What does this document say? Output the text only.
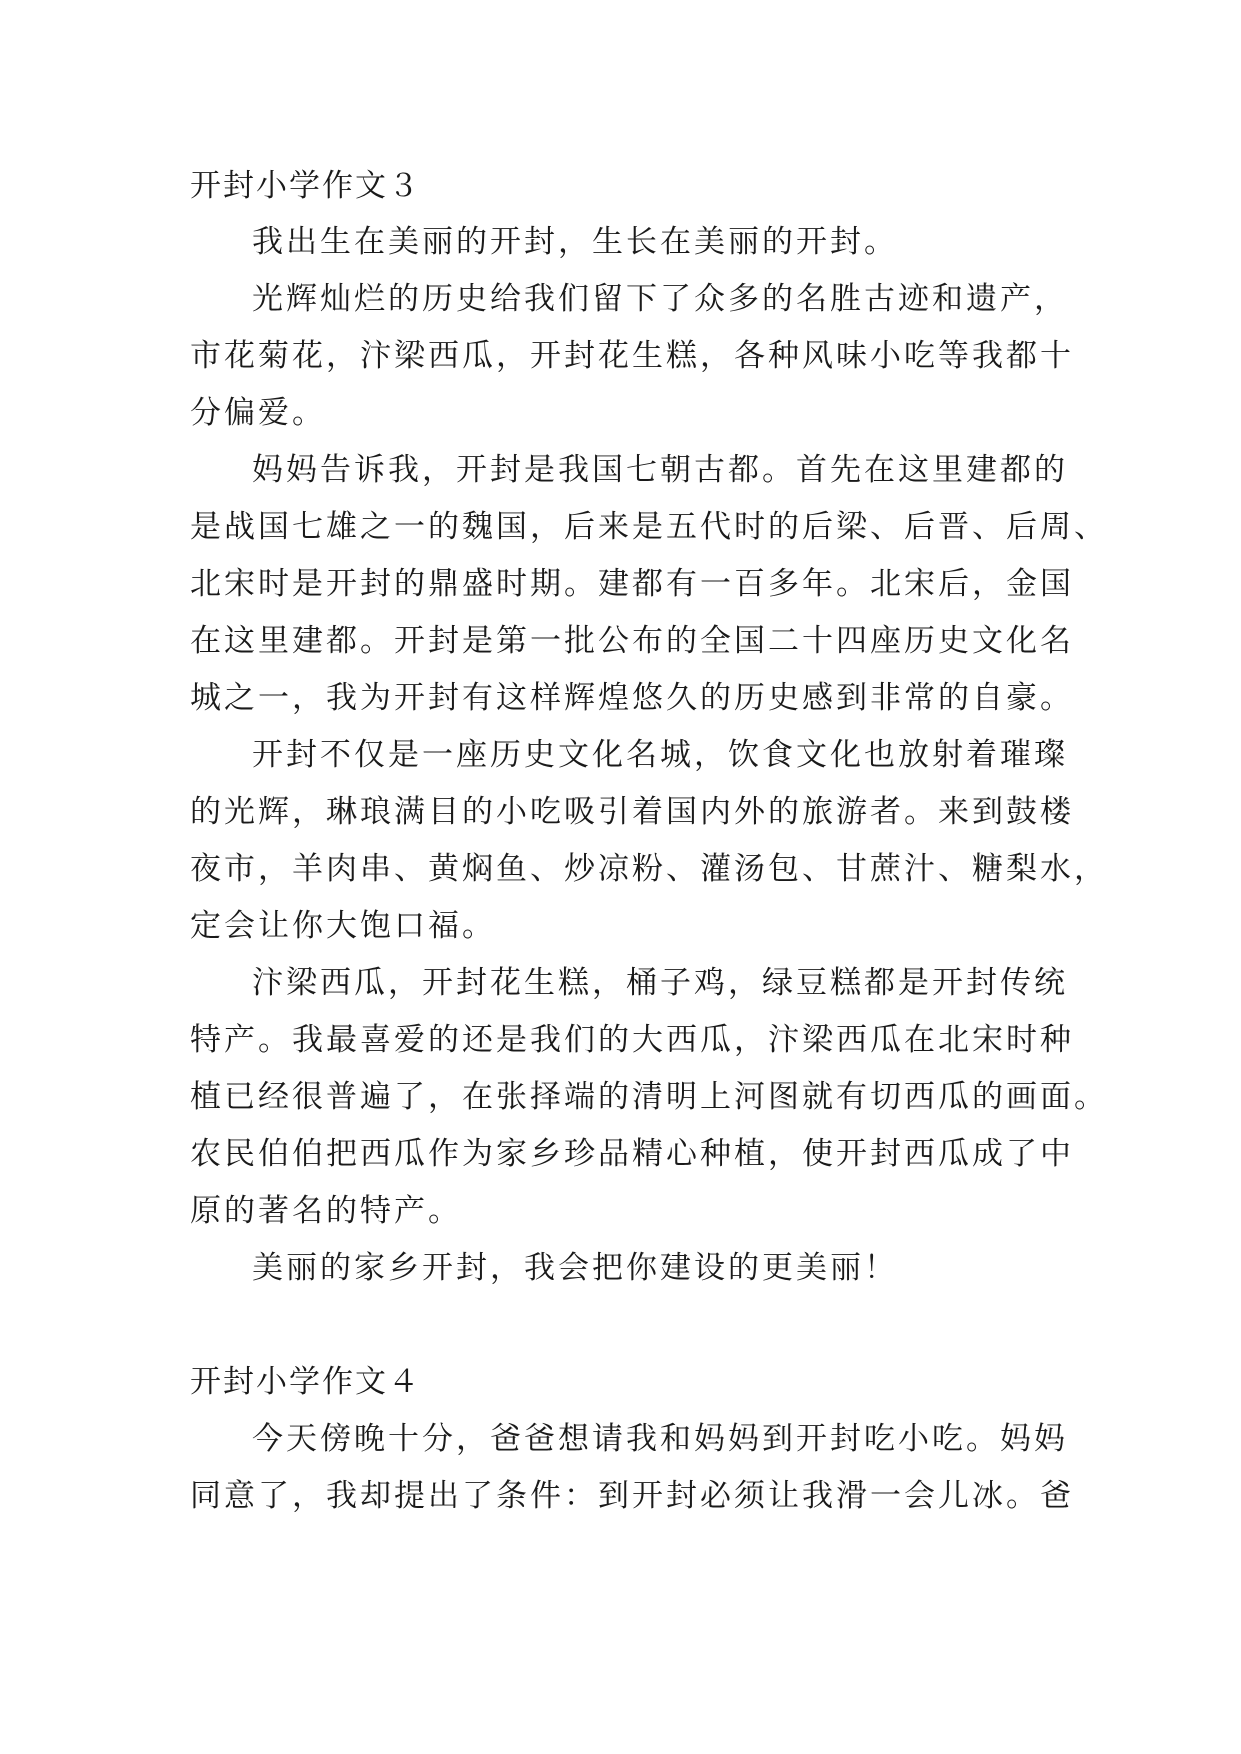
开封小学作文３
我出生在美丽的开封，生长在美丽的开封。
光辉灿烂的历史给我们留下了众多的名胜古迹和遗产，
市花菊花，汴梁西瓜，开封花生糕，各种风味小吃等我都十
分偏爱。
妈妈告诉我，开封是我国七朝古都。首先在这里建都的
是战国七雄之一的魏国，后来是五代时的后梁、后晋、后周、
北宋时是开封的鼎盛时期。建都有一百多年。北宋后，金国
在这里建都。开封是第一批公布的全国二十四座历史文化名
城之一，我为开封有这样辉煌悠久的历史感到非常的自豪。
开封不仅是一座历史文化名城，饮食文化也放射着璀璨
的光辉，琳琅满目的小吃吸引着国内外的旅游者。来到鼓楼
夜市，羊肉串、黄焖鱼、炒凉粉、灌汤包、甘蔗汁、糖梨水，
定会让你大饱口福。
汴梁西瓜，开封花生糕，桶子鸡，绿豆糕都是开封传统
特产。我最喜爱的还是我们的大西瓜，汴梁西瓜在北宋时种
植已经很普遍了，在张择端的清明上河图就有切西瓜的画面。
农民伯伯把西瓜作为家乡珍品精心种植，使开封西瓜成了中
原的著名的特产。
美丽的家乡开封，我会把你建设的更美丽！
开封小学作文４
今天傍晚十分，爸爸想请我和妈妈到开封吃小吃。妈妈
同意了，我却提出了条件：到开封必须让我滑一会儿冰。爸
